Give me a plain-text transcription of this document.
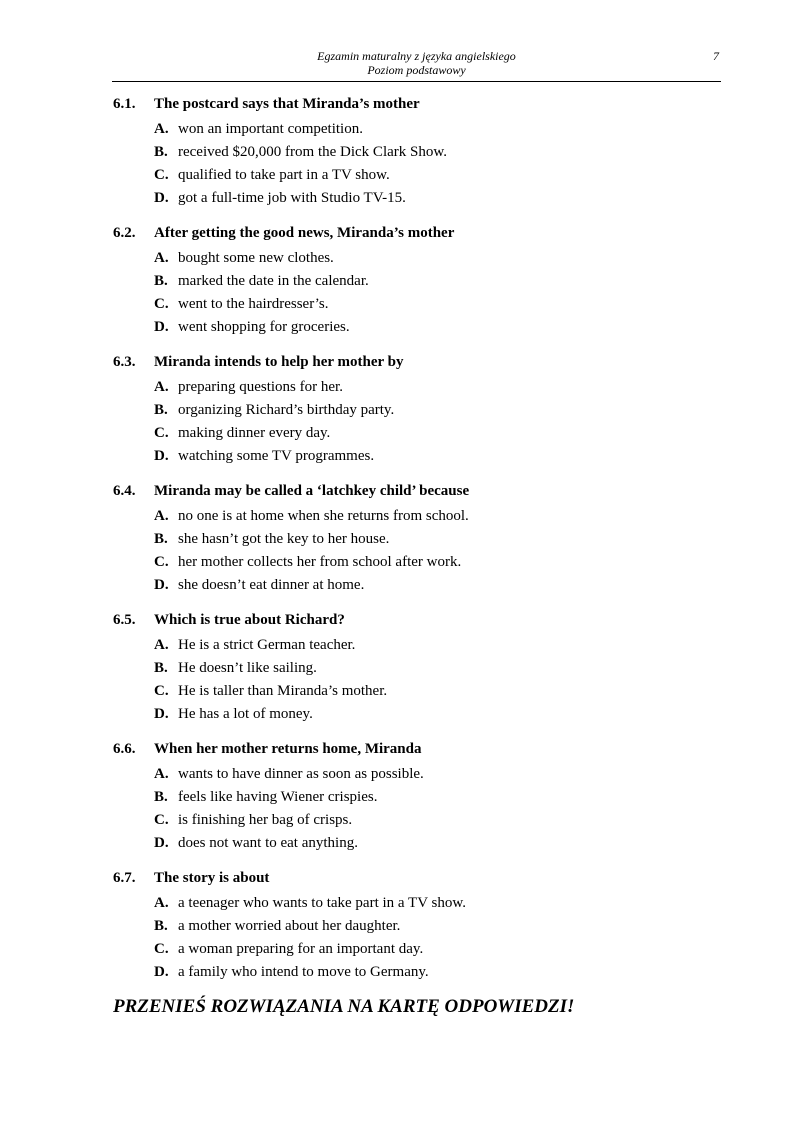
Egzamin maturalny z języka angielskiego
Poziom podstawowy
7
6.1. The postcard says that Miranda’s mother
A. won an important competition.
B. received $20,000 from the Dick Clark Show.
C. qualified to take part in a TV show.
D. got a full-time job with Studio TV-15.
6.2. After getting the good news, Miranda’s mother
A. bought some new clothes.
B. marked the date in the calendar.
C. went to the hairdresser’s.
D. went shopping for groceries.
6.3. Miranda intends to help her mother by
A. preparing questions for her.
B. organizing Richard’s birthday party.
C. making dinner every day.
D. watching some TV programmes.
6.4. Miranda may be called a ‘latchkey child’ because
A. no one is at home when she returns from school.
B. she hasn’t got the key to her house.
C. her mother collects her from school after work.
D. she doesn’t eat dinner at home.
6.5. Which is true about Richard?
A. He is a strict German teacher.
B. He doesn’t like sailing.
C. He is taller than Miranda’s mother.
D. He has a lot of money.
6.6. When her mother returns home, Miranda
A. wants to have dinner as soon as possible.
B. feels like having Wiener crispies.
C. is finishing her bag of crisps.
D. does not want to eat anything.
6.7. The story is about
A. a teenager who wants to take part in a TV show.
B. a mother worried about her daughter.
C. a woman preparing for an important day.
D. a family who intend to move to Germany.
PRZENIEŚ ROZWIĄZANIA NA KARTĘ ODPOWIEDZI!
